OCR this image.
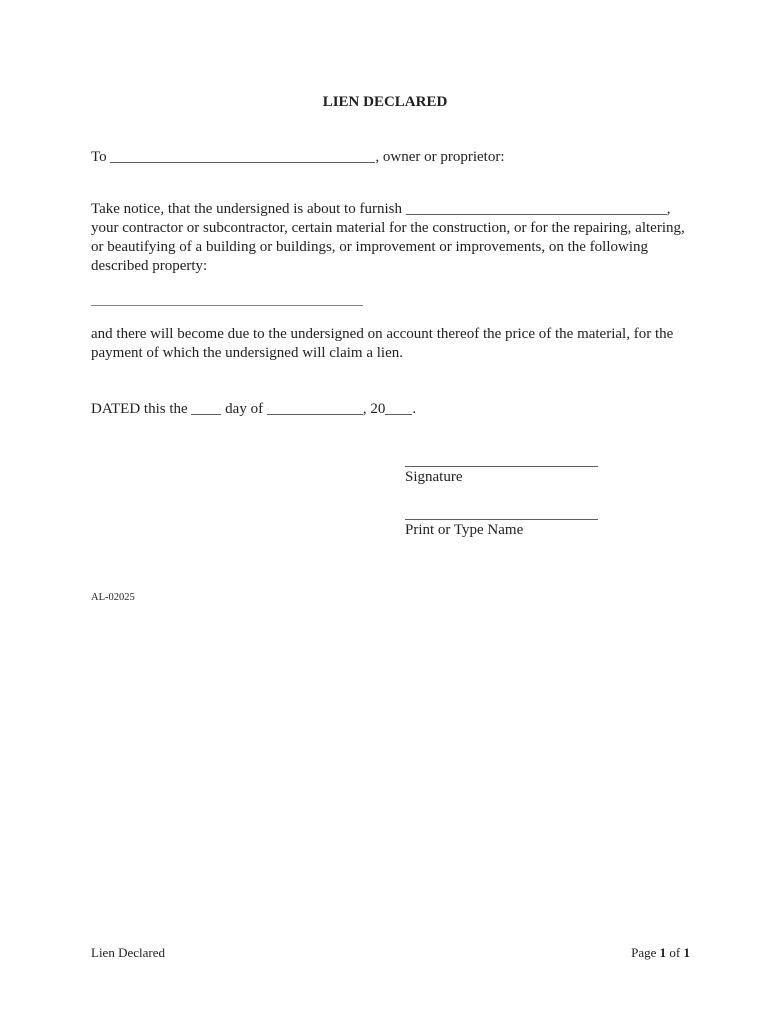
LIEN DECLARED

To	, owner or proprietor:

Take notice, that the undersigned is about to furnish	, your contractor or subcontractor, certain material for the construction, or for the repairing, altering, or beautifying of a building or buildings, or improvement or improvements, on the following described property:

and there will become due to the undersigned on account thereof the price of the material, for the payment of which the undersigned will claim a lien.

DATED this the	day of	, 20 .

Signature
Print or Type Name
AL-02025
Lien Declared	Page 1 of 1
